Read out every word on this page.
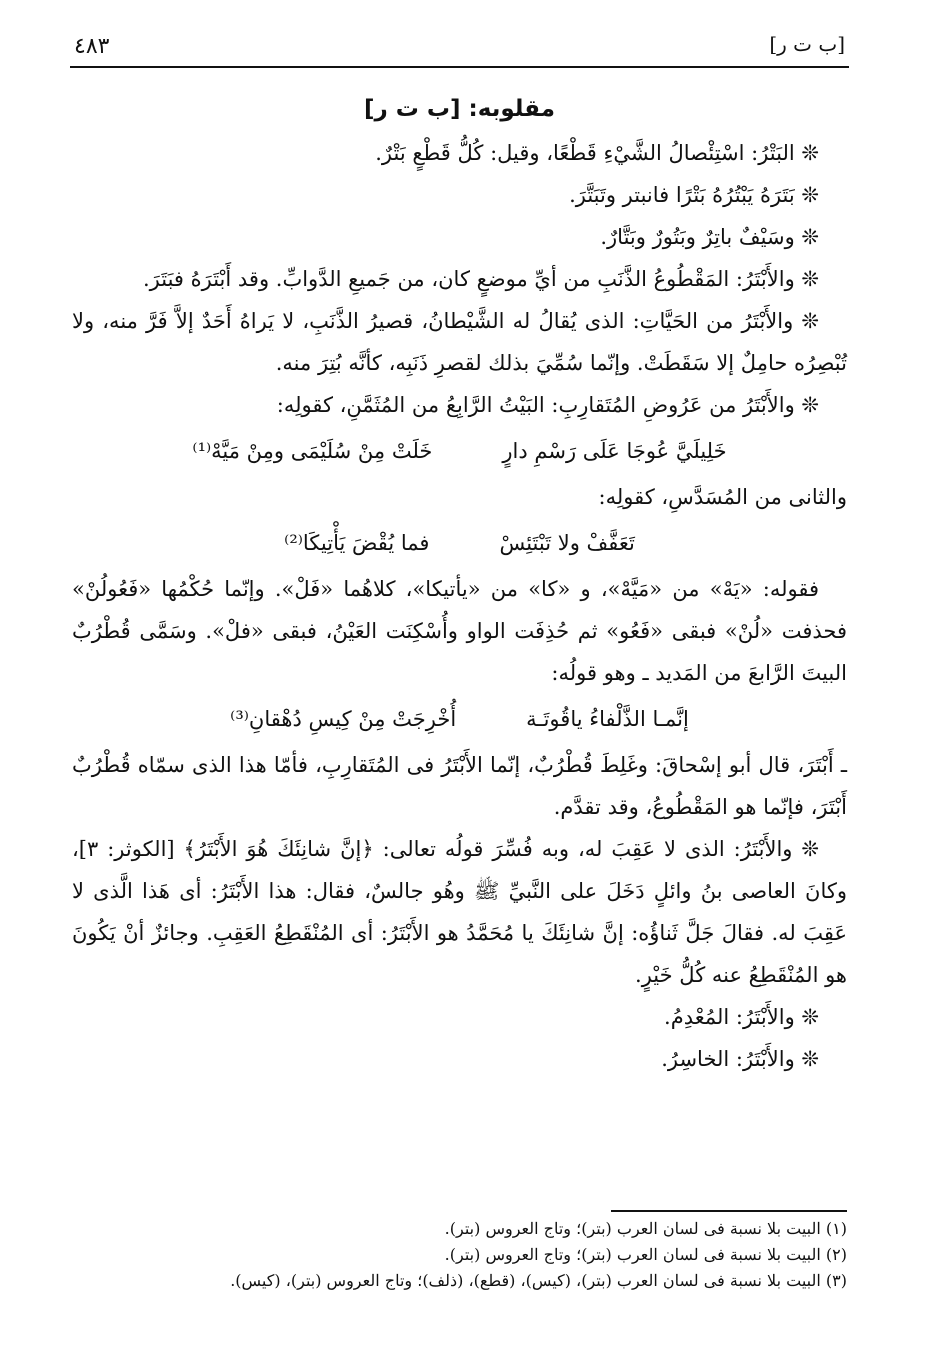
٤٨٣	[ب ت ر]
مقلوبه: [ب ت ر]

❊ البَتْرُ: اسْتِئْصالُ الشَّيْءِ قَطْعًا، وقيل: كُلُّ قَطْعٍ بَتْرٌ.

❊ بَتَرَهُ يَبْتُرُهُ بَتْرًا فانبتر وتَبَتَّرَ.

❊ وسَيْفٌ باتِرٌ وبَتُورٌ وبَتَّارٌ.

❊ والأَبْتَرُ: المَقْطُوعُ الذَّنَبِ من أيِّ موضعٍ كان، من جَميعِ الدَّوابِّ. وقد أَبْتَرَهُ فبَتَرَ.

❊ والأَبْتَرُ من الحَيَّاتِ: الذى يُقالُ له الشَّيْطانُ، قصيرُ الذَّنَبِ، لا يَراهُ أَحَدٌ إلاَّ فَرَّ منه، ولا تُبْصِرُه حامِلٌ إلا سَقَطَتْ. وإنّما سُمِّيَ بذلك لقصرِ ذَنَبِه، كأنَّه بُتِرَ منه.

❊ والأَبْتَرُ من عَرُوضِ المُتَقارِبِ: البَيْتُ الرَّابِعُ من المُثَمَّنِ، كقولِه:

خَلِيلَيَّ عُوجَا عَلَى رَسْمِ دارٍ
خَلَتْ مِنْ سُلَيْمَى ومِنْ مَيَّهْ⁽¹⁾

والثانى من المُسَدَّسِ، كقولِه:

تَعَفَّفْ ولا تَبْتَئِسْ
فما يُقْضَ يَأْتِيكَا⁽²⁾

فقوله: «يَهْ» من «مَيَّهْ»، و «كا» من «يأتيكا»، كلاهُما «فَلْ». وإنّما حُكْمُها «فَعُولُنْ» فحذفت «لُنْ» فبقى «فَعُو» ثم حُذِفَت الواو وأُسْكِنَت العَيْنُ، فبقى «فلْ». وسَمَّى قُطْرُبٌ البيتَ الرَّابعَ من المَديد ـ وهو قولُه:

إنَّمـا الذَّلْفاءُ ياقُوتَـة
أُخْرِجَتْ مِنْ كِيسِ دُهْقانِ⁽³⁾

ـ أَبْتَرَ، قال أبو إسْحاقَ: وغَلِطَ قُطْرُبٌ، إنّما الأَبْتَرُ فى المُتَقارِبِ، فأمّا هذا الذى سمّاه قُطْرُبٌ أَبْتَرَ، فإنّما هو المَقْطُوعُ، وقد تقدَّم.

❊ والأَبْتَرُ: الذى لا عَقِبَ له، وبه فُسِّرَ قولُه تعالى: ﴿إنَّ شانِئَكَ هُوَ الأَبْتَرُ﴾ [الكوثر: ٣]، وكانَ العاصى بنُ وائلٍ دَخَلَ على النَّبيِّ ﷺ وهُو جالسٌ، فقال: هذا الأَبْتَرُ: أى هَذا الَّذى لا عَقِبَ له. فقالَ جَلَّ ثَناؤُه: إنَّ شانِئَكَ يا مُحَمَّدُ هو الأَبْتَرُ: أى المُنْقَطِعُ العَقِبِ. وجائزٌ أنْ يَكُونَ هو المُنْقَطِعُ عنه كُلُّ خَيْرٍ.

❊ والأَبْتَرُ: المُعْدِمُ.

❊ والأَبْتَرُ: الخاسِرُ.

(١) البيت بلا نسبة فى لسان العرب (بتر)؛ وتاج العروس (بتر).
(٢) البيت بلا نسبة فى لسان العرب (بتر)؛ وتاج العروس (بتر).
(٣) البيت بلا نسبة فى لسان العرب (بتر)، (كيس)، (قطع)، (ذلف)؛ وتاج العروس (بتر)، (كيس).
